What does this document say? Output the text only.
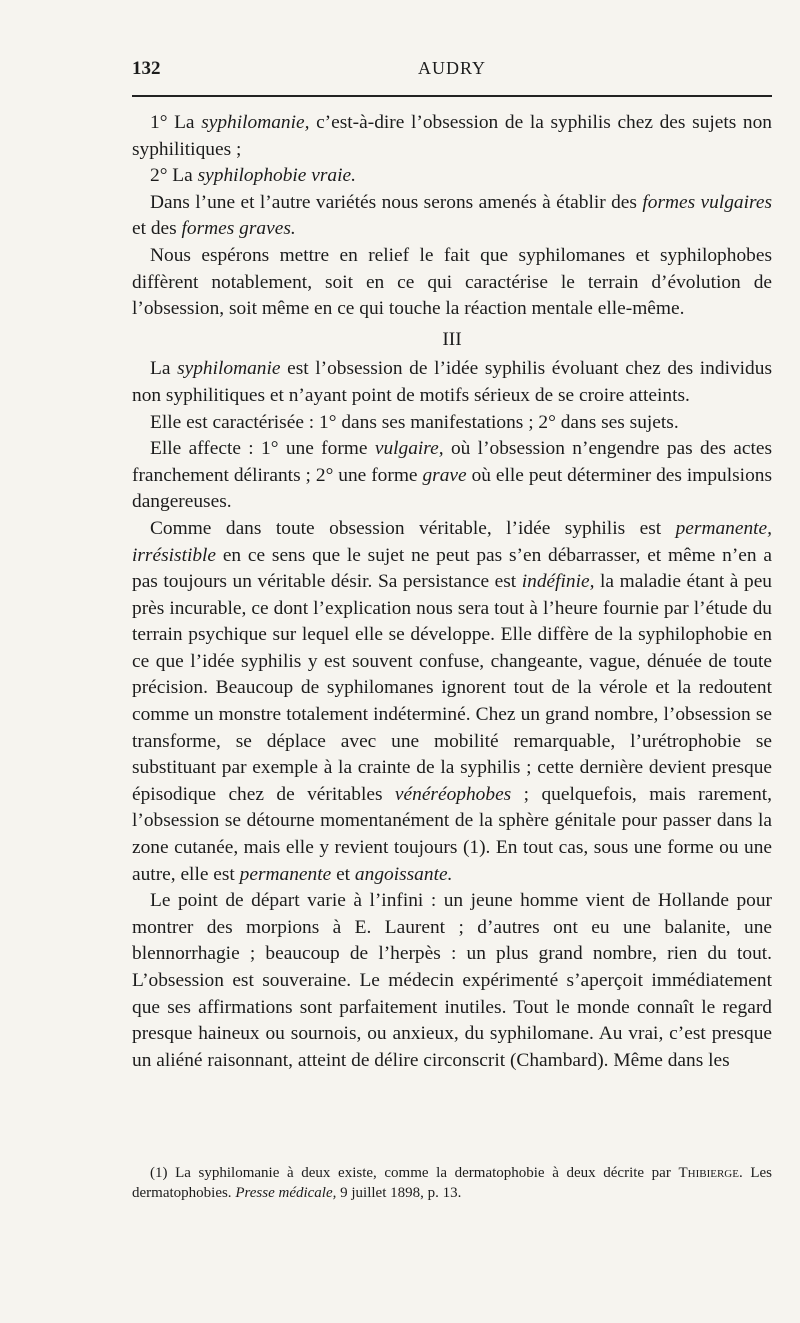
132	AUDRY

1° La syphilomanie, c’est-à-dire l’obsession de la syphilis chez des sujets non syphilitiques ;

2° La syphilophobie vraie.

Dans l’une et l’autre variétés nous serons amenés à établir des formes vulgaires et des formes graves.

Nous espérons mettre en relief le fait que syphilomanes et syphilophobes diffèrent notablement, soit en ce qui caractérise le terrain d’évolution de l’obsession, soit même en ce qui touche la réaction mentale elle-même.

III

La syphilomanie est l’obsession de l’idée syphilis évoluant chez des individus non syphilitiques et n’ayant point de motifs sérieux de se croire atteints.

Elle est caractérisée : 1° dans ses manifestations ; 2° dans ses sujets.

Elle affecte : 1° une forme vulgaire, où l’obsession n’engendre pas des actes franchement délirants ; 2° une forme grave où elle peut déterminer des impulsions dangereuses.

Comme dans toute obsession véritable, l’idée syphilis est permanente, irrésistible en ce sens que le sujet ne peut pas s’en débarrasser, et même n’en a pas toujours un véritable désir. Sa persistance est indéfinie, la maladie étant à peu près incurable, ce dont l’explication nous sera tout à l’heure fournie par l’étude du terrain psychique sur lequel elle se développe. Elle diffère de la syphilophobie en ce que l’idée syphilis y est souvent confuse, changeante, vague, dénuée de toute précision. Beaucoup de syphilomanes ignorent tout de la vérole et la redoutent comme un monstre totalement indéterminé. Chez un grand nombre, l’obsession se transforme, se déplace avec une mobilité remarquable, l’urétrophobie se substituant par exemple à la crainte de la syphilis ; cette dernière devient presque épisodique chez de véritables vénéréophobes ; quelquefois, mais rarement, l’obsession se détourne momentanément de la sphère génitale pour passer dans la zone cutanée, mais elle y revient toujours (1). En tout cas, sous une forme ou une autre, elle est permanente et angoissante.

Le point de départ varie à l’infini : un jeune homme vient de Hollande pour montrer des morpions à E. Laurent ; d’autres ont eu une balanite, une blennorrhagie ; beaucoup de l’herpès : un plus grand nombre, rien du tout. L’obsession est souveraine. Le médecin expérimenté s’aperçoit immédiatement que ses affirmations sont parfaitement inutiles. Tout le monde connaît le regard presque haineux ou sournois, ou anxieux, du syphilomane. Au vrai, c’est presque un aliéné raisonnant, atteint de délire circonscrit (Chambard). Même dans les

(1) La syphilomanie à deux existe, comme la dermatophobie à deux décrite par Thibierge. Les dermatophobies. Presse médicale, 9 juillet 1898, p. 13.
